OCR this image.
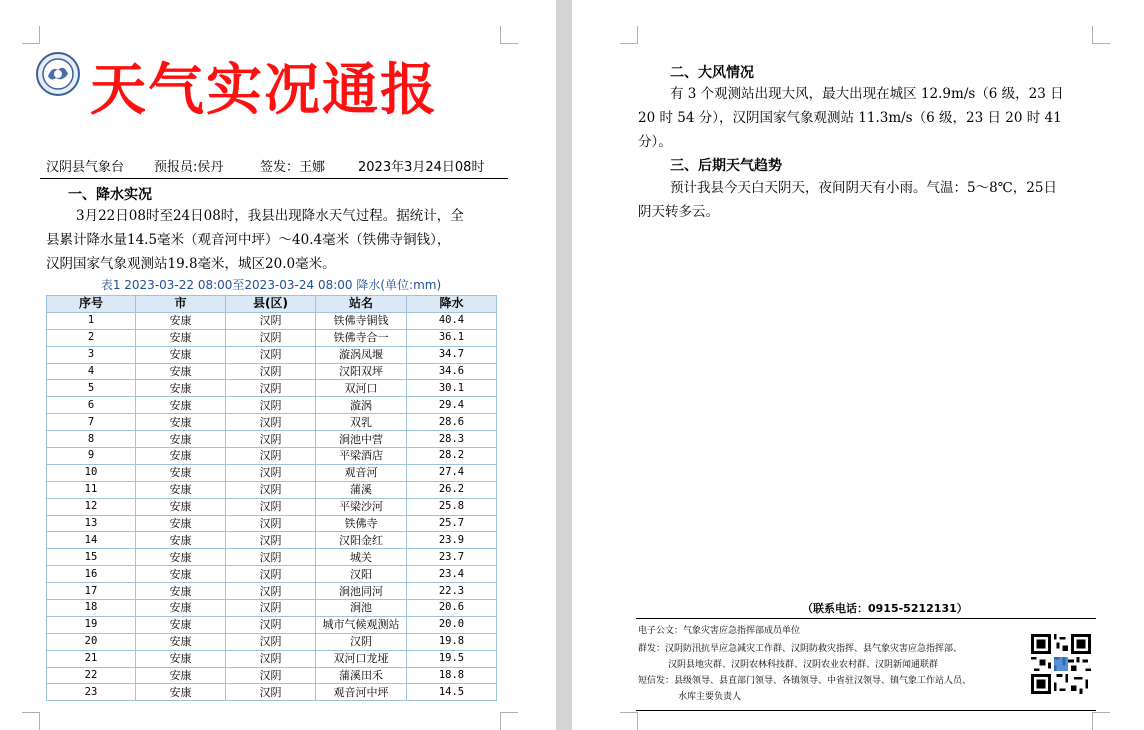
天气实况通报
汉阴县气象台 预报员:侯丹	签发：王娜	2023年3月24日08时
一、降水实况
3月22日08时至24日08时，我县出现降水天气过程。据统计，全
县累计降水量14.5毫米（观音河中坪）～40.4毫米（铁佛寺铜钱），
汉阴国家气象观测站19.8毫米，城区20.0毫米。
表1 2023-03-22 08:00至2023-03-24 08:00 降水(单位:mm)
序号	市	县(区)	站名	降水
1	安康	汉阴	铁佛寺铜钱	40.4
2	安康	汉阴	铁佛寺合一	36.1
3	安康	汉阴	漩涡凤堰	34.7
4	安康	汉阴	汉阳双坪	34.6
5	安康	汉阴	双河口	30.1
6	安康	汉阴	漩涡	29.4
7	安康	汉阴	双乳	28.6
8	安康	汉阴	涧池中营	28.3
9	安康	汉阴	平梁酒店	28.2
10	安康	汉阴	观音河	27.4
11	安康	汉阴	蒲溪	26.2
12	安康	汉阴	平梁沙河	25.8
13	安康	汉阴	铁佛寺	25.7
14	安康	汉阴	汉阳金红	23.9
15	安康	汉阴	城关	23.7
16	安康	汉阴	汉阳	23.4
17	安康	汉阴	涧池同河	22.3
18	安康	汉阴	涧池	20.6
19	安康	汉阴	城市气候观测站	20.0
20	安康	汉阴	汉阴	19.8
21	安康	汉阴	双河口龙垭	19.5
22	安康	汉阴	蒲溪田禾	18.8
23	安康	汉阴	观音河中坪	14.5
二、大风情况
有 3 个观测站出现大风，最大出现在城区 12.9m/s（6 级，23 日
20 时 54 分），汉阴国家气象观测站 11.3m/s（6 级，23 日 20 时 41
分）。
三、后期天气趋势
预计我县今天白天阴天，夜间阴天有小雨。气温：5～8℃，25日
阴天转多云。
（联系电话：0915-5212131）
电子公文：气象灾害应急指挥部成员单位
群发：汉阴防汛抗旱应急减灾工作群、汉阴防救灾指挥、县气象灾害应急指挥部、
汉阴县地灾群、汉阴农林科技群、汉阴农业农村群、汉阴新闻通联群
短信发：县级领导、县直部门领导、各镇领导、中省驻汉领导、镇气象工作站人员、
水库主要负责人
